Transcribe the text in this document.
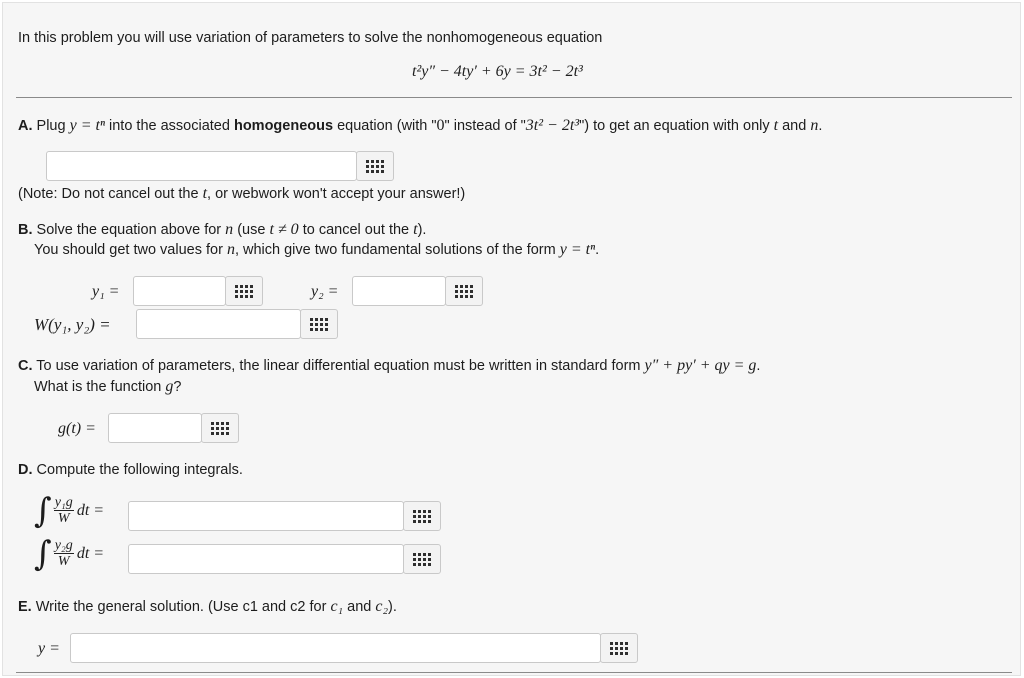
In this problem you will use variation of parameters to solve the nonhomogeneous equation
t²y″ − 4ty′ + 6y = 3t² − 2t³
A. Plug y = tⁿ into the associated homogeneous equation (with "0" instead of "3t² − 2t³") to get an equation with only t and n.
(Note: Do not cancel out the t, or webwork won't accept your answer!)
B. Solve the equation above for n (use t ≠ 0 to cancel out the t).
You should get two values for n, which give two fundamental solutions of the form y = tⁿ.
y₁ =	y₂ =
W(y₁, y₂) =
C. To use variation of parameters, the linear differential equation must be written in standard form y″ + py′ + qy = g.
What is the function g?
g(t) =
D. Compute the following integrals.
∫ $\frac{\text{y₁g}}{W}$ dt =
∫ $\frac{\text{y₂g}}{W}$ dt =
E. Write the general solution. (Use c1 and c2 for c₁ and c₂).
y =
